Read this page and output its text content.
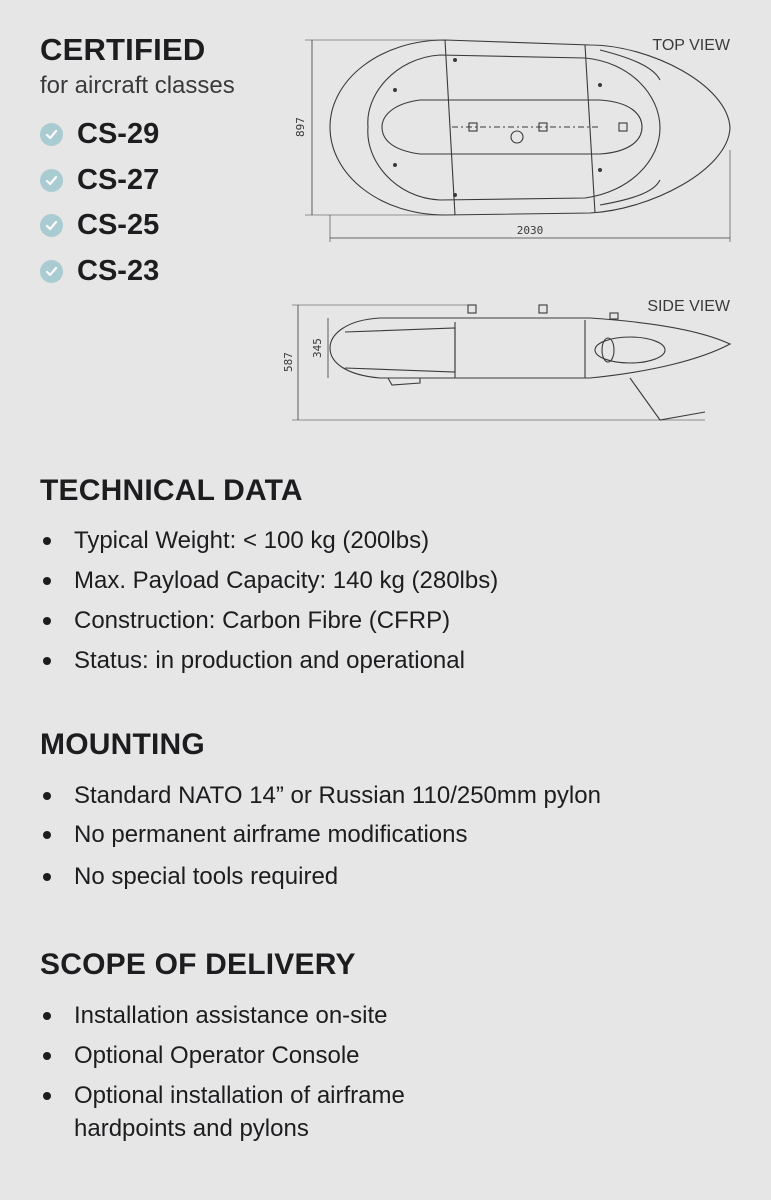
CERTIFIED
for aircraft classes
CS-29
CS-27
CS-25
CS-23
TOP VIEW
SIDE VIEW
2030
897
587
345
TECHNICAL DATA
Typical Weight: < 100 kg (200lbs)
Max. Payload Capacity: 140 kg (280lbs)
Construction: Carbon Fibre (CFRP)
Status: in production and operational
MOUNTING
Standard NATO 14” or Russian 110/250mm pylon
No permanent airframe modifications
No special tools required
SCOPE OF DELIVERY
Installation assistance on-site
Optional Operator Console
Optional installation of airframe hardpoints and pylons
